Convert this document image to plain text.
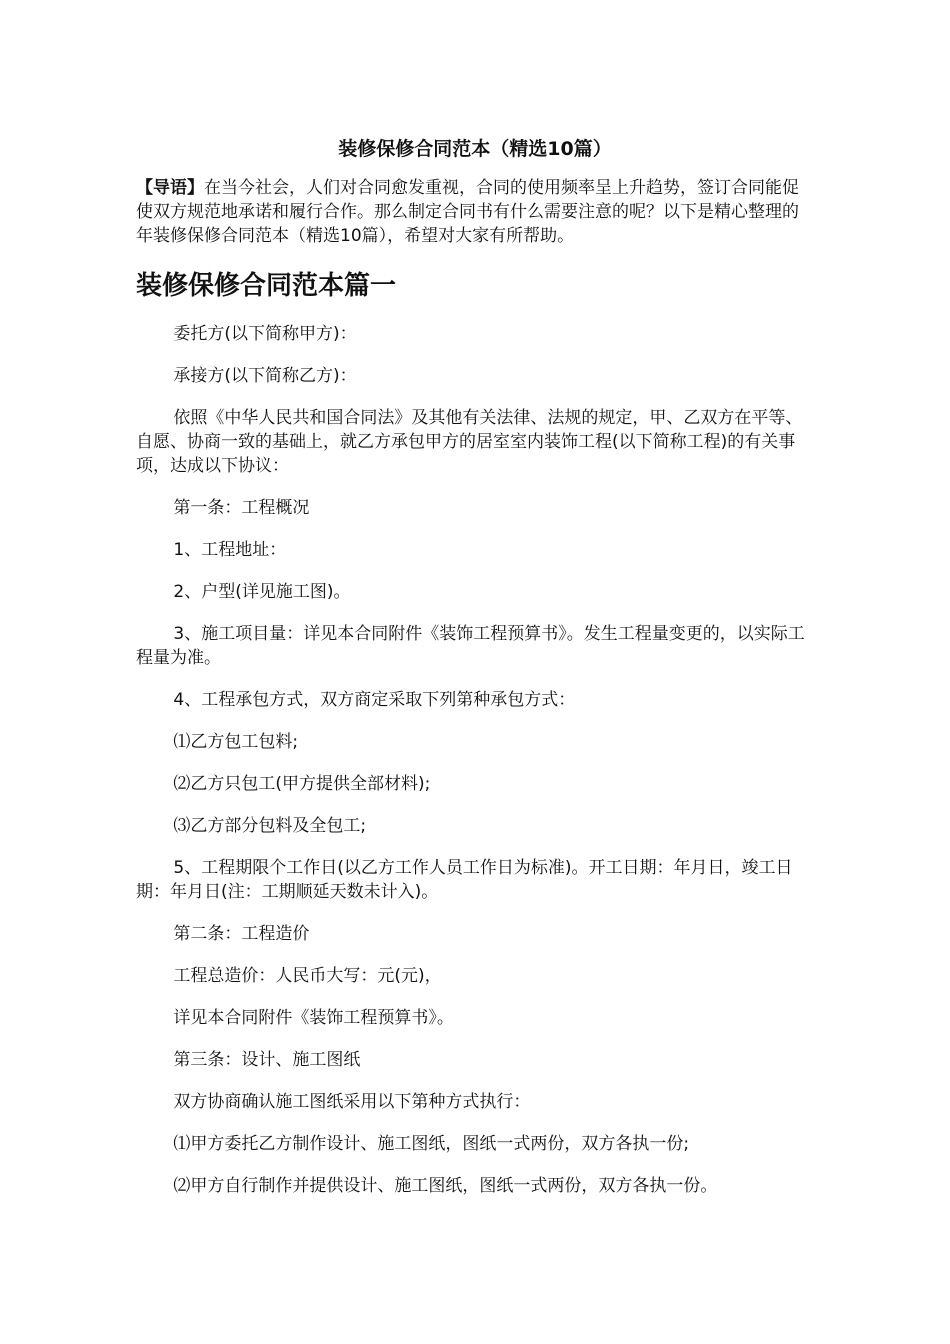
装修保修合同范本（精选10篇）

【导语】在当今社会，人们对合同愈发重视，合同的使用频率呈上升趋势，签订合同能促使双方规范地承诺和履行合作。那么制定合同书有什么需要注意的呢？以下是精心整理的年装修保修合同范本（精选10篇），希望对大家有所帮助。

装修保修合同范本篇一

委托方(以下简称甲方)：

承接方(以下简称乙方)：

依照《中华人民共和国合同法》及其他有关法律、法规的规定，甲、乙双方在平等、自愿、协商一致的基础上，就乙方承包甲方的居室室内装饰工程(以下简称工程)的有关事项，达成以下协议：

第一条：工程概况

1、工程地址：

2、户型(详见施工图)。

3、施工项目量：详见本合同附件《装饰工程预算书》。发生工程量变更的，以实际工程量为准。

4、工程承包方式，双方商定采取下列第种承包方式：

⑴乙方包工包料;

⑵乙方只包工(甲方提供全部材料);

⑶乙方部分包料及全包工;

5、工程期限个工作日(以乙方工作人员工作日为标准)。开工日期：年月日，竣工日期：年月日(注：工期顺延天数未计入)。

第二条：工程造价

工程总造价：人民币大写：元(元)，

详见本合同附件《装饰工程预算书》。

第三条：设计、施工图纸

双方协商确认施工图纸采用以下第种方式执行：

⑴甲方委托乙方制作设计、施工图纸，图纸一式两份，双方各执一份;

⑵甲方自行制作并提供设计、施工图纸，图纸一式两份，双方各执一份。
